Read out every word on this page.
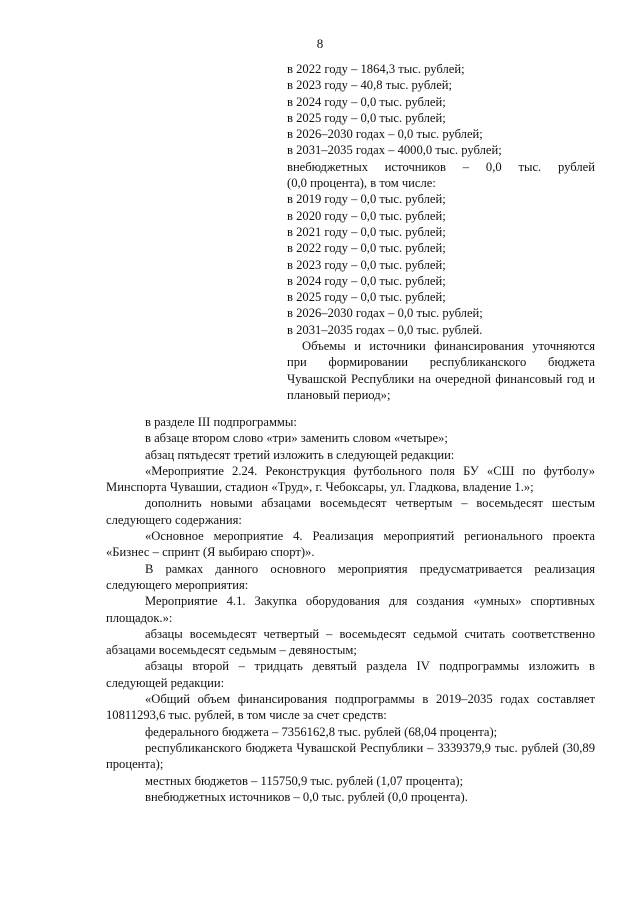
8
в 2022 году – 1864,3 тыс. рублей;
в 2023 году – 40,8 тыс. рублей;
в 2024 году – 0,0 тыс. рублей;
в 2025 году – 0,0 тыс. рублей;
в 2026–2030 годах – 0,0 тыс. рублей;
в 2031–2035 годах – 4000,0 тыс. рублей;
внебюджетных источников – 0,0 тыс. рублей
(0,0 процента), в том числе:
в 2019 году – 0,0 тыс. рублей;
в 2020 году – 0,0 тыс. рублей;
в 2021 году – 0,0 тыс. рублей;
в 2022 году – 0,0 тыс. рублей;
в 2023 году – 0,0 тыс. рублей;
в 2024 году – 0,0 тыс. рублей;
в 2025 году – 0,0 тыс. рублей;
в 2026–2030 годах – 0,0 тыс. рублей;
в 2031–2035 годах – 0,0 тыс. рублей.
Объемы и источники финансирования уточняются при формировании республиканского бюджета Чувашской Республики на очередной финансовый год и плановый период»;
в разделе III подпрограммы:
в абзаце втором слово «три» заменить словом «четыре»;
абзац пятьдесят третий изложить в следующей редакции:
«Мероприятие 2.24. Реконструкция футбольного поля БУ «СШ по футболу» Минспорта Чувашии, стадион «Труд», г. Чебоксары, ул. Гладкова, владение 1.»;
дополнить новыми абзацами восемьдесят четвертым – восемьдесят шестым следующего содержания:
«Основное мероприятие 4. Реализация мероприятий регионального проекта «Бизнес – спринт (Я выбираю спорт)».
В рамках данного основного мероприятия предусматривается реализация следующего мероприятия:
Мероприятие 4.1. Закупка оборудования для создания «умных» спортивных площадок.»:
абзацы восемьдесят четвертый – восемьдесят седьмой считать соответственно абзацами восемьдесят седьмым – девяностым;
абзацы второй – тридцать девятый раздела IV подпрограммы изложить в следующей редакции:
«Общий объем финансирования подпрограммы в 2019–2035 годах составляет 10811293,6 тыс. рублей, в том числе за счет средств:
федерального бюджета – 7356162,8 тыс. рублей (68,04 процента);
республиканского бюджета Чувашской Республики – 3339379,9 тыс. рублей (30,89 процента);
местных бюджетов – 115750,9 тыс. рублей (1,07 процента);
внебюджетных источников – 0,0 тыс. рублей (0,0 процента).
